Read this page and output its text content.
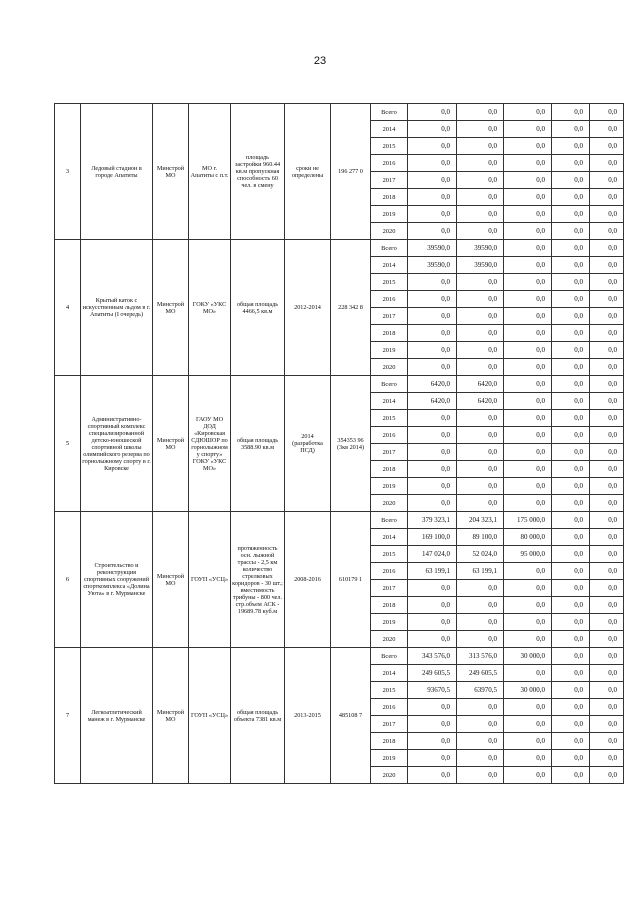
23
3	Ледовый стадион в городе Апатиты	Минстрой МО	МО г. Апатиты с п.т.	площадь застройки 960.44 кв.м пропускная способность 60 чел. в смену	сроки не определены	196 277 0	Всего	0,0	0,0	0,0	0,0	0,0
							2014	0,0	0,0	0,0	0,0	0,0
							2015	0,0	0,0	0,0	0,0	0,0
							2016	0,0	0,0	0,0	0,0	0,0
							2017	0,0	0,0	0,0	0,0	0,0
							2018	0,0	0,0	0,0	0,0	0,0
							2019	0,0	0,0	0,0	0,0	0,0
							2020	0,0	0,0	0,0	0,0	0,0
4	Крытый каток с искусственным льдом в г. Апатиты (I очередь)	Минстрой МО	ГОКУ «УКС МО»	общая площадь 4466,5 кв.м	2012-2014	228 342 8	Всего	39590,0	39590,0	0,0	0,0	0,0
							2014	39590,0	39590,0	0,0	0,0	0,0
							2015	0,0	0,0	0,0	0,0	0,0
							2016	0,0	0,0	0,0	0,0	0,0
							2017	0,0	0,0	0,0	0,0	0,0
							2018	0,0	0,0	0,0	0,0	0,0
							2019	0,0	0,0	0,0	0,0	0,0
							2020	0,0	0,0	0,0	0,0	0,0
5	Административно-спортивный комплекс специализированной детско-юношеской спортивной школы олимпийского резерва по горнолыжному спорту в г. Кировске	Минстрой МО	ГАОУ МО ДОД «Кировская СДЮШОР по горнолыжному спорту» ГОКУ «УКС МО»	общая площадь 3588.90 кв.м	2014 (разработка ПСД)	354353 96 (3кв 2014)	Всего	6420,0	6420,0	0,0	0,0	0,0
							2014	6420,0	6420,0	0,0	0,0	0,0
							2015	0,0	0,0	0,0	0,0	0,0
							2016	0,0	0,0	0,0	0,0	0,0
							2017	0,0	0,0	0,0	0,0	0,0
							2018	0,0	0,0	0,0	0,0	0,0
							2019	0,0	0,0	0,0	0,0	0,0
							2020	0,0	0,0	0,0	0,0	0,0
6	Строительство и реконструкция спортивных сооружений спорткомплекса «Долина Уюта» в г. Мурманске	Минстрой МО	ГОУП «УСЦ»	протяженность осн. лыжной трассы - 2,5 км количество стрелковых коридоров - 30 шт.; вместимость трибуны - 800 чел. стр.объем АСК - 19689.78 куб.м	2008-2016	610179 1	Всего	379 323,1	204 323,1	175 000,0	0,0	0,0
							2014	169 100,0	89 100,0	80 000,0	0,0	0,0
							2015	147 024,0	52 024,0	95 000,0	0,0	0,0
							2016	63 199,1	63 199,1	0,0	0,0	0,0
							2017	0,0	0,0	0,0	0,0	0,0
							2018	0,0	0,0	0,0	0,0	0,0
							2019	0,0	0,0	0,0	0,0	0,0
							2020	0,0	0,0	0,0	0,0	0,0
7	Легкоатлетический манеж в г. Мурманске	Минстрой МО	ГОУП «УСЦ»	общая площадь объекта 7381 кв.м	2013-2015	485108 7	Всего	343 576,0	313 576,0	30 000,0	0,0	0,0
							2014	249 605,5	249 605,5	0,0	0,0	0,0
							2015	93670,5	63970,5	30 000,0	0,0	0,0
							2016	0,0	0,0	0,0	0,0	0,0
							2017	0,0	0,0	0,0	0,0	0,0
							2018	0,0	0,0	0,0	0,0	0,0
							2019	0,0	0,0	0,0	0,0	0,0
							2020	0,0	0,0	0,0	0,0	0,0
